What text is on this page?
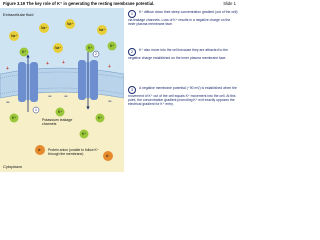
Figure 3.19 The key role of K⁺ in generating the resting membrane potential.	Slide 1
+
+	+
+
−
− −
−
Na⁺
Na⁺
Na⁺
Na⁺
Na⁺
K⁺
K⁺	K⁺
K⁺
K⁺
K⁺
K⁺
A⁻
A⁻
1
2
Extracellular fluid
Cytoplasm
Potassium leakage channels
Protein anion (unable to follow K⁺ through the membrane)
1 K⁺ diffuse down their steep concentration gradient (out of the cell) via leakage channels. Loss of K⁺ results in a negative charge on the inner plasma membrane face.
2 K⁺ also move into the cell because they are attracted to the negative charge established on the inner plasma membrane face.
3 A negative membrane potential (−90 mV) is established when the movement of K⁺ out of the cell equals K⁺ movement into the cell. At this point, the concentration gradient promoting K⁺ exit exactly opposes the electrical gradient for K⁺ entry.
